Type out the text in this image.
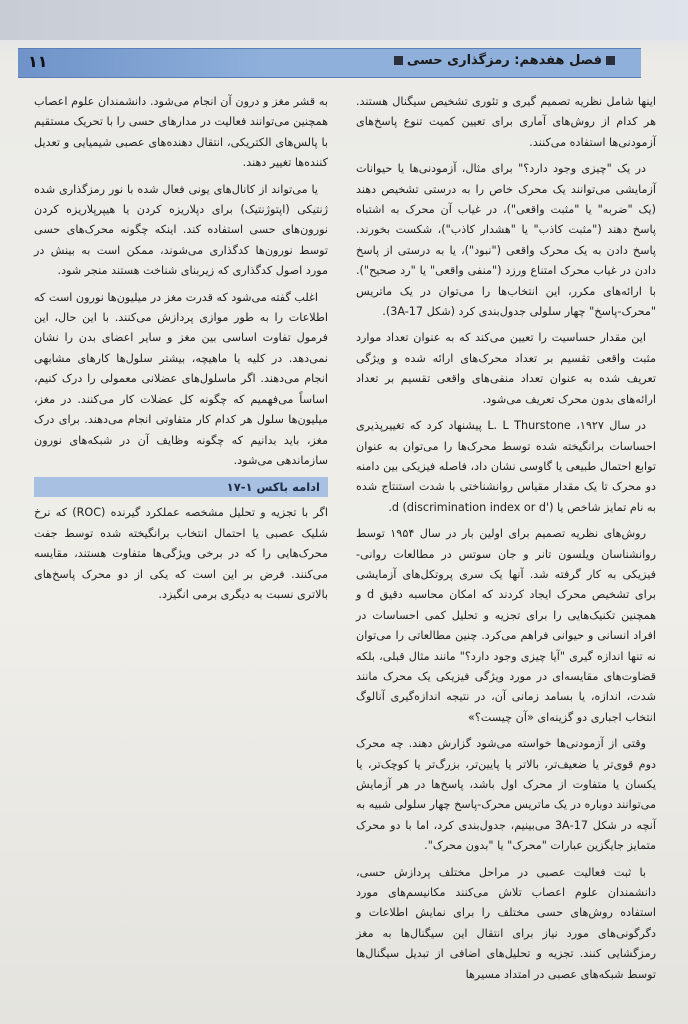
فصل هفدهم: رمزگذاری حسی
۱۱

اینها شامل نظریه تصمیم گیری و تئوری تشخیص سیگنال هستند. هر کدام از روش‌های آماری برای تعیین کمیت تنوع پاسخ‌های آزمودنی‌ها استفاده می‌کنند.

در یک "چیزی وجود دارد؟" برای مثال، آزمودنی‌ها یا حیوانات آزمایشی می‌توانند یک محرک خاص را به درستی تشخیص دهند (یک "ضربه" یا "مثبت واقعی")، در غیاب آن محرک به اشتباه پاسخ دهند ("مثبت کاذب" یا "هشدار کاذب")، شکست بخورند. پاسخ دادن به یک محرک واقعی ("نبود")، یا به درستی از پاسخ دادن در غیاب محرک امتناع ورزد ("منفی واقعی" یا "رد صحیح"). با ارائه‌های مکرر، این انتخاب‌ها را می‌توان در یک ماتریس "محرک-پاسخ" چهار سلولی جدول‌بندی کرد (شکل 3A-17).

این مقدار حساسیت را تعیین می‌کند که به عنوان تعداد موارد مثبت واقعی تقسیم بر تعداد محرک‌های ارائه شده و ویژگی تعریف شده به عنوان تعداد منفی‌های واقعی تقسیم بر تعداد ارائه‌های بدون محرک تعریف می‌شود.

در سال ۱۹۲۷، L. L Thurstone پیشنهاد کرد که تغییرپذیری احساسات برانگیخته شده توسط محرک‌ها را می‌توان به عنوان توابع احتمال طبیعی یا گاوسی نشان داد، فاصله فیزیکی بین دامنه دو محرک تا یک مقدار مقیاس روانشناختی با شدت استنتاج شده به نام تمایز شاخص یا d (discrimination index or d').

روش‌های نظریه تصمیم برای اولین بار در سال ۱۹۵۴ توسط روانشناسان ویلسون تانر و جان سوتس در مطالعات روانی-فیزیکی به کار گرفته شد. آنها یک سری پروتکل‌های آزمایشی برای تشخیص محرک ایجاد کردند که امکان محاسبه دقیق d و همچنین تکنیک‌هایی را برای تجزیه و تحلیل کمی احساسات در افراد انسانی و حیوانی فراهم می‌کرد. چنین مطالعاتی را می‌توان نه تنها اندازه گیری "آیا چیزی وجود دارد؟" مانند مثال قبلی، بلکه قضاوت‌های مقایسه‌ای در مورد ویژگی فیزیکی یک محرک مانند شدت، اندازه، یا بسامد زمانی آن، در نتیجه اندازه‌گیری آنالوگ انتخاب اجباری دو گزینه‌ای «آن چیست؟»

وقتی از آزمودنی‌ها خواسته می‌شود گزارش دهند. چه محرک دوم قوی‌تر یا ضعیف‌تر، بالاتر یا پایین‌تر، بزرگ‌تر یا کوچک‌تر، یا یکسان یا متفاوت از محرک اول باشد، پاسخ‌ها در هر آزمایش می‌توانند دوباره در یک ماتریس محرک-پاسخ چهار سلولی شبیه به آنچه در شکل 17-3A می‌بینیم، جدول‌بندی کرد، اما با دو محرک متمایز جایگزین عبارات "محرک" یا "بدون محرک".

با ثبت فعالیت عصبی در مراحل مختلف پردازش حسی، دانشمندان علوم اعصاب تلاش می‌کنند مکانیسم‌های مورد استفاده روش‌های حسی مختلف را برای نمایش اطلاعات و دگرگونی‌های مورد نیاز برای انتقال این سیگنال‌ها به مغز رمزگشایی کنند. تجزیه و تحلیل‌های اضافی از تبدیل سیگنال‌ها توسط شبکه‌های عصبی در امتداد مسیرها

به قشر مغز و درون آن انجام می‌شود. دانشمندان علوم اعصاب همچنین می‌توانند فعالیت در مدارهای حسی را با تحریک مستقیم با پالس‌های الکتریکی، انتقال دهنده‌های عصبی شیمیایی و تعدیل کننده‌ها تغییر دهند.

یا می‌تواند از کانال‌های یونی فعال شده با نور رمزگذاری شده ژنتیکی (اپتوژنتیک) برای دپلاریزه کردن یا هیپرپلاریزه کردن نورون‌های حسی استفاده کند. اینکه چگونه محرک‌های حسی توسط نورون‌ها کدگذاری می‌شوند، ممکن است به بینش در مورد اصول کدگذاری که زیربنای شناخت هستند منجر شود.

اغلب گفته می‌شود که قدرت مغز در میلیون‌ها نورون است که اطلاعات را به طور موازی پردازش می‌کنند. با این حال، این فرمول تفاوت اساسی بین مغز و سایر اعضای بدن را نشان نمی‌دهد. در کلیه یا ماهیچه، بیشتر سلول‌ها کارهای مشابهی انجام می‌دهند. اگر ماسلول‌های عضلانی معمولی را درک کنیم، اساساً می‌فهمیم که چگونه کل عضلات کار می‌کنند. در مغز، میلیون‌ها سلول هر کدام کار متفاوتی انجام می‌دهند. برای درک مغز، باید بدانیم که چگونه وظایف آن در شبکه‌های نورون سازماندهی می‌شود.

ادامه باکس ۱-۱۷

اگر با تجزیه و تحلیل مشخصه عملکرد گیرنده (ROC) که نرخ شلیک عصبی یا احتمال انتخاب برانگیخته شده توسط جفت محرک‌هایی را که در برخی ویژگی‌ها متفاوت هستند، مقایسه می‌کنند. فرض بر این است که یکی از دو محرک پاسخ‌های بالاتری نسبت به دیگری برمی انگیزد.
